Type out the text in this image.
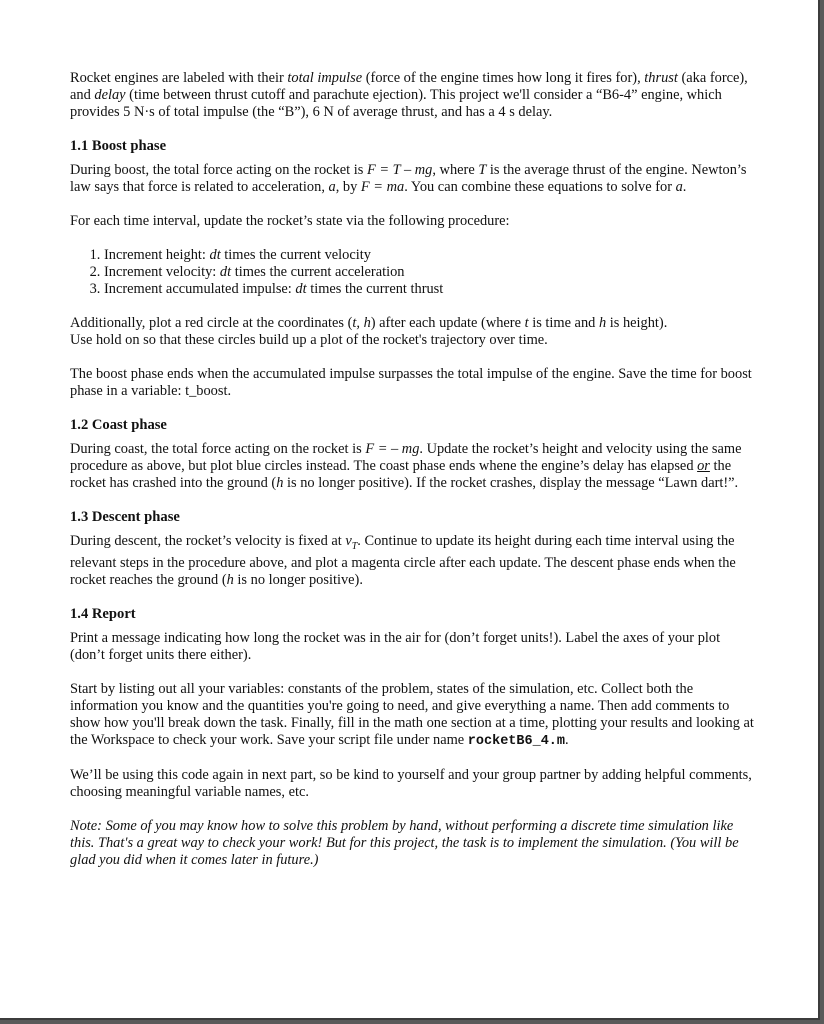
Rocket engines are labeled with their total impulse (force of the engine times how long it fires for), thrust (aka force), and delay (time between thrust cutoff and parachute ejection). This project we'll consider a “B6-4” engine, which provides 5 N·s of total impulse (the “B”), 6 N of average thrust, and has a 4 s delay.

1.1 Boost phase

During boost, the total force acting on the rocket is F = T – mg, where T is the average thrust of the engine. Newton’s law says that force is related to acceleration, a, by F = ma. You can combine these equations to solve for a.

For each time interval, update the rocket’s state via the following procedure:

1. Increment height: dt times the current velocity
2. Increment velocity: dt times the current acceleration
3. Increment accumulated impulse: dt times the current thrust

Additionally, plot a red circle at the coordinates (t, h) after each update (where t is time and h is height).
Use hold on so that these circles build up a plot of the rocket's trajectory over time.

The boost phase ends when the accumulated impulse surpasses the total impulse of the engine. Save the time for boost phase in a variable: t_boost.

1.2 Coast phase

During coast, the total force acting on the rocket is F = – mg. Update the rocket’s height and velocity using the same procedure as above, but plot blue circles instead. The coast phase ends whene the engine’s delay has elapsed or the rocket has crashed into the ground (h is no longer positive). If the rocket crashes, display the message “Lawn dart!”.

1.3 Descent phase

During descent, the rocket’s velocity is fixed at $v_T$. Continue to update its height during each time interval using the relevant steps in the procedure above, and plot a magenta circle after each update. The descent phase ends when the rocket reaches the ground (h is no longer positive).

1.4 Report

Print a message indicating how long the rocket was in the air for (don’t forget units!). Label the axes of your plot (don’t forget units there either).

Start by listing out all your variables: constants of the problem, states of the simulation, etc. Collect both the information you know and the quantities you're going to need, and give everything a name. Then add comments to show how you'll break down the task. Finally, fill in the math one section at a time, plotting your results and looking at the Workspace to check your work. Save your script file under name rocketB6_4.m.

We’ll be using this code again in next part, so be kind to yourself and your group partner by adding helpful comments, choosing meaningful variable names, etc.

Note: Some of you may know how to solve this problem by hand, without performing a discrete time simulation like this. That's a great way to check your work! But for this project, the task is to implement the simulation. (You will be glad you did when it comes later in future.)
